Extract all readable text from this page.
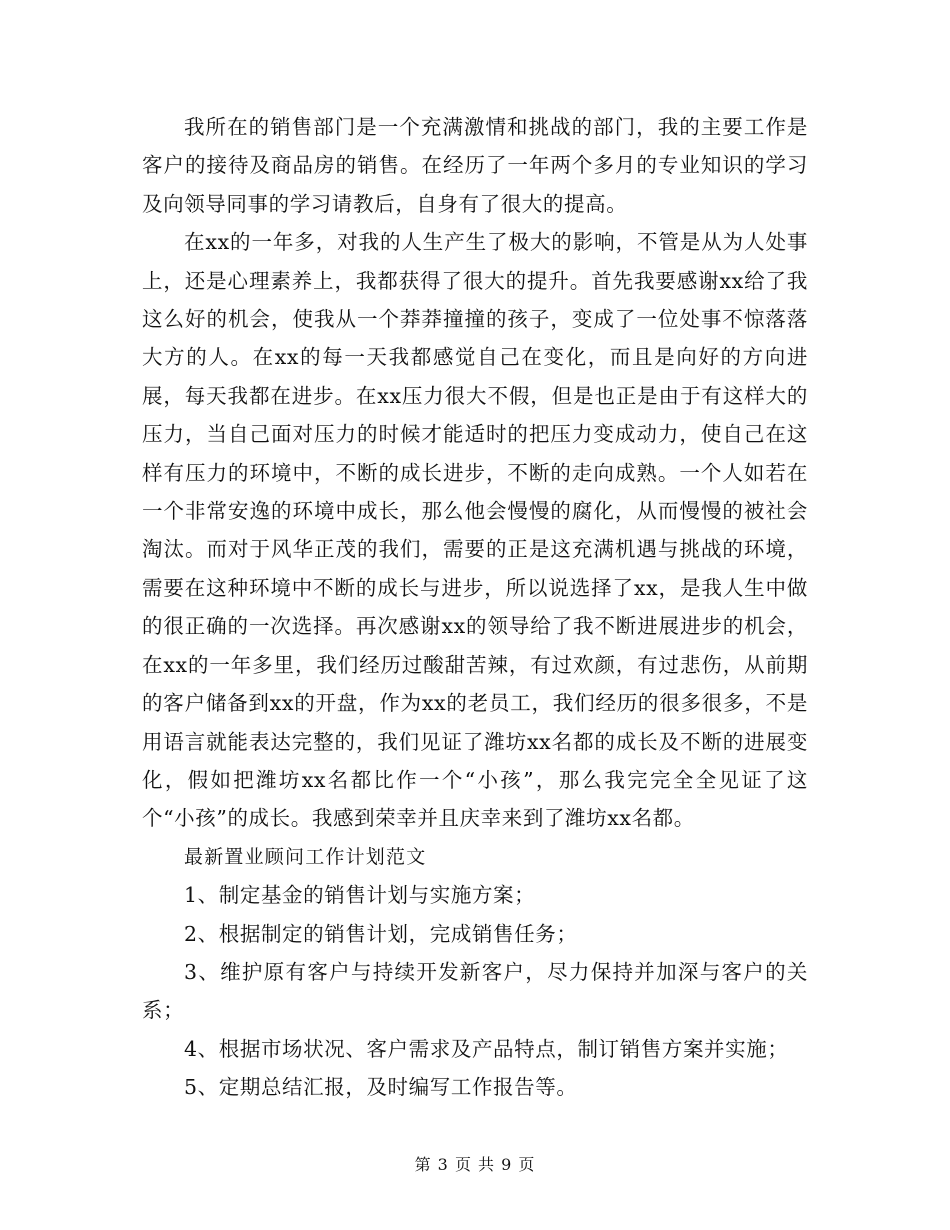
我所在的销售部门是一个充满激情和挑战的部门，我的主要工作是客户的接待及商品房的销售。在经历了一年两个多月的专业知识的学习及向领导同事的学习请教后，自身有了很大的提高。

在xx的一年多，对我的人生产生了极大的影响，不管是从为人处事上，还是心理素养上，我都获得了很大的提升。首先我要感谢xx给了我这么好的机会，使我从一个莽莽撞撞的孩子，变成了一位处事不惊落落大方的人。在xx的每一天我都感觉自己在变化，而且是向好的方向进展，每天我都在进步。在xx压力很大不假，但是也正是由于有这样大的压力，当自己面对压力的时候才能适时的把压力变成动力，使自己在这样有压力的环境中，不断的成长进步，不断的走向成熟。一个人如若在一个非常安逸的环境中成长，那么他会慢慢的腐化，从而慢慢的被社会淘汰。而对于风华正茂的我们，需要的正是这充满机遇与挑战的环境，需要在这种环境中不断的成长与进步，所以说选择了xx，是我人生中做的很正确的一次选择。再次感谢xx的领导给了我不断进展进步的机会，在xx的一年多里，我们经历过酸甜苦辣，有过欢颜，有过悲伤，从前期的客户储备到xx的开盘，作为xx的老员工，我们经历的很多很多，不是用语言就能表达完整的，我们见证了潍坊xx名都的成长及不断的进展变化，假如把潍坊xx名都比作一个“小孩”，那么我完完全全见证了这个“小孩”的成长。我感到荣幸并且庆幸来到了潍坊xx名都。

最新置业顾问工作计划范文

1、制定基金的销售计划与实施方案；

2、根据制定的销售计划，完成销售任务；

3、维护原有客户与持续开发新客户，尽力保持并加深与客户的关系；

4、根据市场状况、客户需求及产品特点，制订销售方案并实施；

5、定期总结汇报，及时编写工作报告等。

第 3 页 共 9 页
